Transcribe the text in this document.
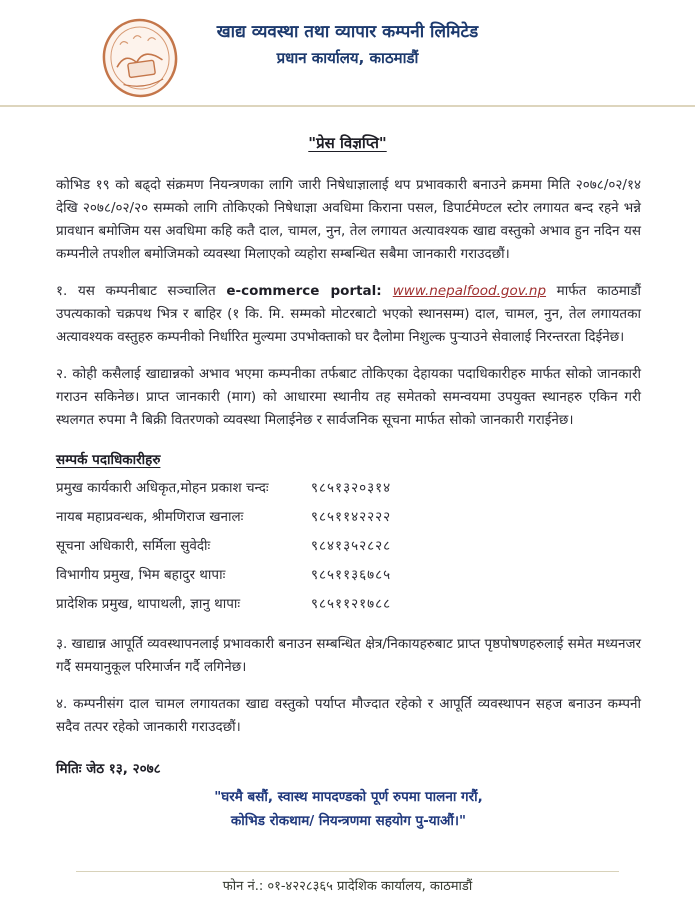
खाद्य व्यवस्था तथा व्यापार कम्पनी लिमिटेड
प्रधान कार्यालय, काठमाडौं
"प्रेस विज्ञप्ति"

कोभिड १९ को बढ्दो संक्रमण नियन्त्रणका लागि जारी निषेधाज्ञालाई थप प्रभावकारी बनाउने क्रममा मिति २०७८/०२/१४ देखि २०७८/०२/२० सम्मको लागि तोकिएको निषेधाज्ञा अवधिमा किराना पसल, डिपार्टमेण्टल स्टोर लगायत बन्द रहने भन्ने प्रावधान बमोजिम यस अवधिमा कहि कतै दाल, चामल, नुन, तेल लगायत अत्यावश्यक खाद्य वस्तुको अभाव हुन नदिन यस कम्पनीले तपशील बमोजिमको व्यवस्था मिलाएको व्यहोरा सम्बन्धित सबैमा जानकारी गराउदछौं।

१. यस कम्पनीबाट सञ्चालित e-commerce portal: www.nepalfood.gov.np मार्फत काठमाडौं उपत्यकाको चक्रपथ भित्र र बाहिर (१ कि. मि. सम्मको मोटरबाटो भएको स्थानसम्म) दाल, चामल, नुन, तेल लगायतका अत्यावश्यक वस्तुहरु कम्पनीको निर्धारित मुल्यमा उपभोक्ताको घर दैलोमा निशुल्क पुऱ्याउने सेवालाई निरन्तरता दिईनेछ।

२. कोही कसैलाई खाद्यान्नको अभाव भएमा कम्पनीका तर्फबाट तोकिएका देहायका पदाधिकारीहरु मार्फत सोको जानकारी गराउन सकिनेछ। प्राप्त जानकारी (माग) को आधारमा स्थानीय तह समेतको समन्वयमा उपयुक्त स्थानहरु एकिन गरी स्थलगत रुपमा नै बिक्री वितरणको व्यवस्था मिलाईनेछ र सार्वजनिक सूचना मार्फत सोको जानकारी गराईनेछ।

सम्पर्क पदाधिकारीहरु
प्रमुख कार्यकारी अधिकृत,मोहन प्रकाश चन्दः	९८५१३२०३१४
नायब महाप्रवन्धक, श्रीमणिराज खनालः	९८५११४२२२२
सूचना अधिकारी, सर्मिला सुवेदीः	९८४१३५२८२८
विभागीय प्रमुख, भिम बहादुर थापाः	९८५११३६७८५
प्रादेशिक प्रमुख, थापाथली, ज्ञानु थापाः	९८५११२१७८८

३. खाद्यान्न आपूर्ति व्यवस्थापनलाई प्रभावकारी बनाउन सम्बन्धित क्षेत्र/निकायहरुबाट प्राप्त पृष्ठपोषणहरुलाई समेत मध्यनजर गर्दै समयानुकूल परिमार्जन गर्दै लगिनेछ।

४. कम्पनीसंग दाल चामल लगायतका खाद्य वस्तुको पर्याप्त मौज्दात रहेको र आपूर्ति व्यवस्थापन सहज बनाउन कम्पनी सदैव तत्पर रहेको जानकारी गराउदछौं।

मितिः जेठ १३, २०७८
"घरमै बसौं, स्वास्थ मापदण्डको पूर्ण रुपमा पालना गरौं,
कोभिड रोकथाम/ नियन्त्रणमा सहयोग पु-याऔं।"
फोन नं.: ०१-४२२८३६५ प्रादेशिक कार्यालय, काठमाडौं
